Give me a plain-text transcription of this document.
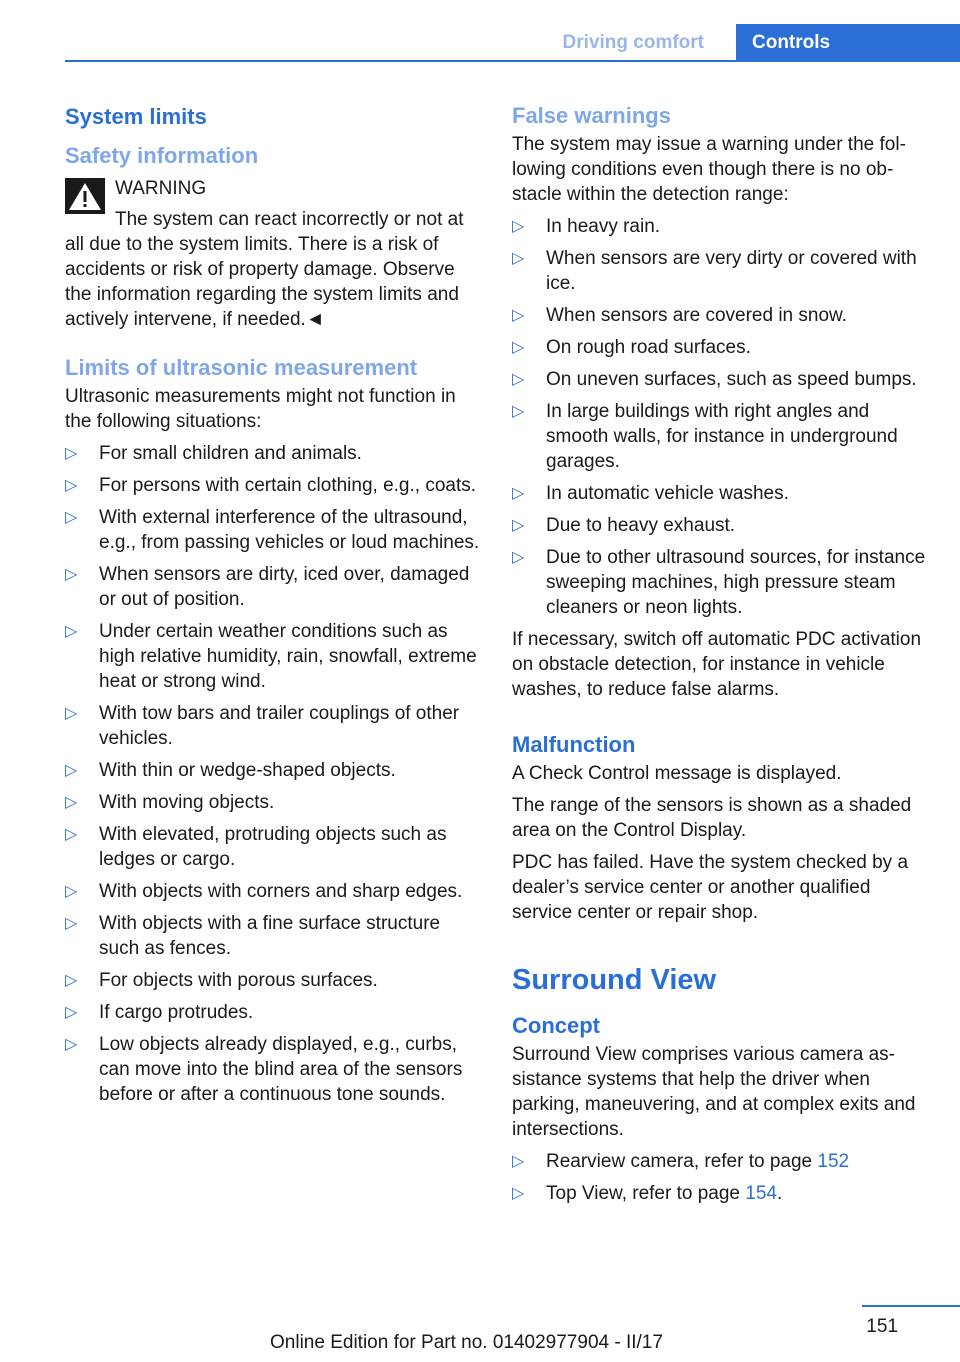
Driving comfort	Controls
System limits
Safety information

WARNING

The system can react incorrectly or not at all due to the system limits. There is a risk of accidents or risk of property damage. Observe the information regarding the system limits and actively intervene, if needed.◄

Limits of ultrasonic measurement

Ultrasonic measurements might not function in the following situations:

▷ For small children and animals.
▷ For persons with certain clothing, e.g., coats.
▷ With external interference of the ultrasound, e.g., from passing vehicles or loud machines.
▷ When sensors are dirty, iced over, damaged or out of position.
▷ Under certain weather conditions such as high relative humidity, rain, snowfall, extreme heat or strong wind.
▷ With tow bars and trailer couplings of other vehicles.
▷ With thin or wedge-shaped objects.
▷ With moving objects.
▷ With elevated, protruding objects such as ledges or cargo.
▷ With objects with corners and sharp edges.
▷ With objects with a fine surface structure such as fences.
▷ For objects with porous surfaces.
▷ If cargo protrudes.
▷ Low objects already displayed, e.g., curbs, can move into the blind area of the sensors before or after a continuous tone sounds.
False warnings

The system may issue a warning under the following conditions even though there is no obstacle within the detection range:

▷ In heavy rain.
▷ When sensors are very dirty or covered with ice.
▷ When sensors are covered in snow.
▷ On rough road surfaces.
▷ On uneven surfaces, such as speed bumps.
▷ In large buildings with right angles and smooth walls, for instance in underground garages.
▷ In automatic vehicle washes.
▷ Due to heavy exhaust.
▷ Due to other ultrasound sources, for instance sweeping machines, high pressure steam cleaners or neon lights.

If necessary, switch off automatic PDC activation on obstacle detection, for instance in vehicle washes, to reduce false alarms.

Malfunction

A Check Control message is displayed.

The range of the sensors is shown as a shaded area on the Control Display.

PDC has failed. Have the system checked by a dealer’s service center or another qualified service center or repair shop.

Surround View
Concept

Surround View comprises various camera assistance systems that help the driver when parking, maneuvering, and at complex exits and intersections.

▷ Rearview camera, refer to page 152
▷ Top View, refer to page 154.
151
Online Edition for Part no. 01402977904 - II/17
